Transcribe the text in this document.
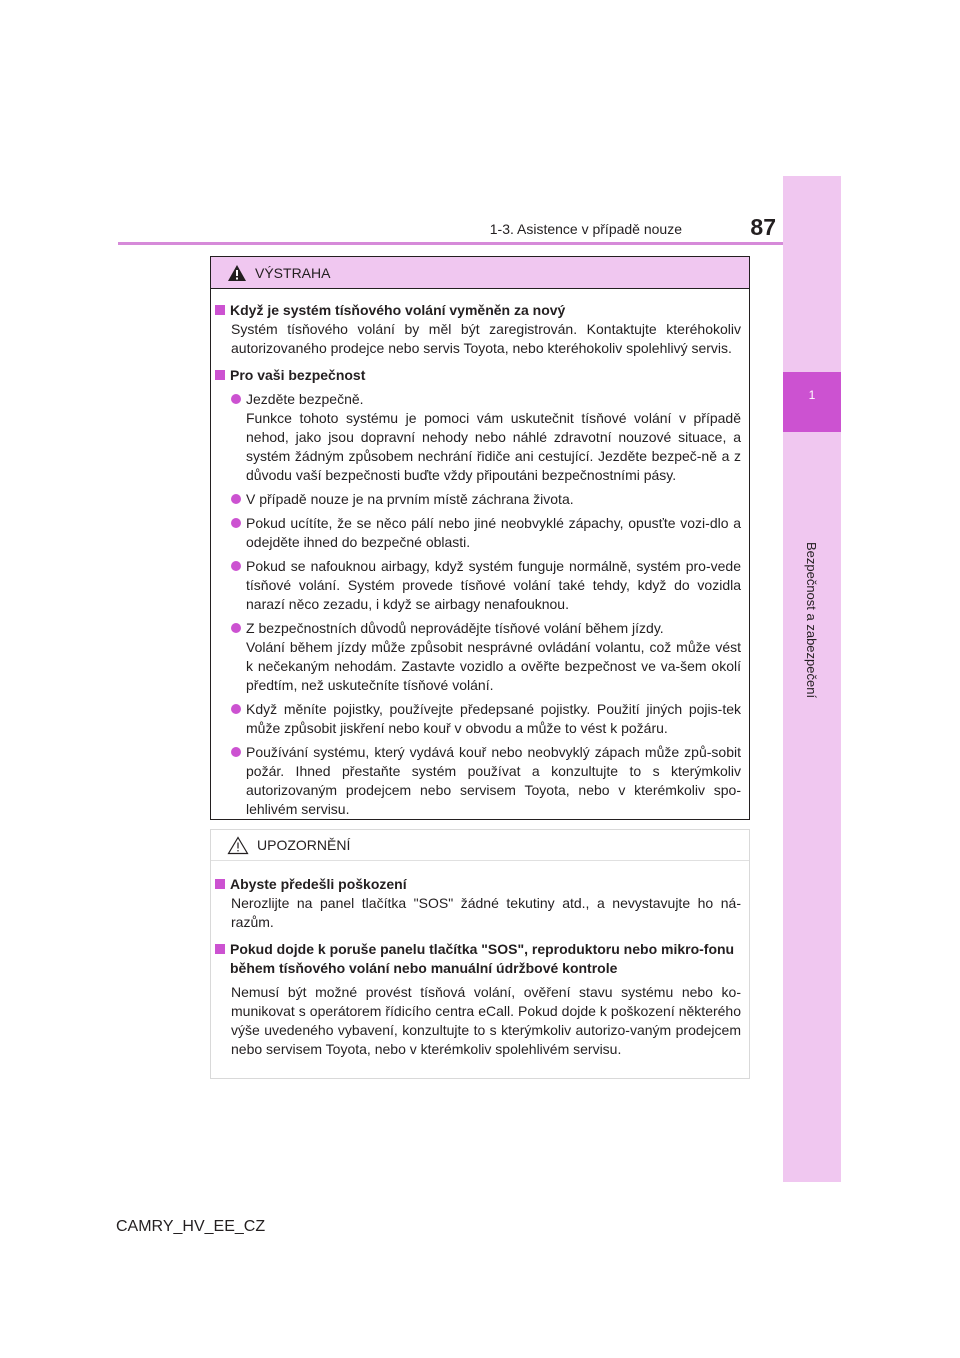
1
Bezpečnost a zabezpečení
1-3. Asistence v případě nouze	87
VÝSTRAHA
Když je systém tísňového volání vyměněn za nový
Systém tísňového volání by měl být zaregistrován. Kontaktujte kteréhokoliv autorizovaného prodejce nebo servis Toyota, nebo kteréhokoliv spolehlivý servis.
Pro vaši bezpečnost
Jezděte bezpečně.
Funkce tohoto systému je pomoci vám uskutečnit tísňové volání v případě nehod, jako jsou dopravní nehody nebo náhlé zdravotní nouzové situace, a systém žádným způsobem nechrání řidiče ani cestující. Jezděte bezpeč-ně a z důvodu vaší bezpečnosti buďte vždy připoutáni bezpečnostními pásy.
V případě nouze je na prvním místě záchrana života.
Pokud ucítíte, že se něco pálí nebo jiné neobvyklé zápachy, opusťte vozi-dlo a odejděte ihned do bezpečné oblasti.
Pokud se nafouknou airbagy, když systém funguje normálně, systém pro-vede tísňové volání. Systém provede tísňové volání také tehdy, když do vozidla narazí něco zezadu, i když se airbagy nenafouknou.
Z bezpečnostních důvodů neprovádějte tísňové volání během jízdy.
Volání během jízdy může způsobit nesprávné ovládání volantu, což může vést k nečekaným nehodám. Zastavte vozidlo a ověřte bezpečnost ve va-šem okolí předtím, než uskutečníte tísňové volání.
Když měníte pojistky, používejte předepsané pojistky. Použití jiných pojis-tek může způsobit jiskření nebo kouř v obvodu a může to vést k požáru.
Používání systému, který vydává kouř nebo neobvyklý zápach může způ-sobit požár. Ihned přestaňte systém používat a konzultujte to s kterýmkoliv autorizovaným prodejcem nebo servisem Toyota, nebo v kterémkoliv spo-lehlivém servisu.
UPOZORNĚNÍ
Abyste předešli poškození
Nerozlijte na panel tlačítka "SOS" žádné tekutiny atd., a nevystavujte ho ná-razům.
Pokud dojde k poruše panelu tlačítka "SOS", reproduktoru nebo mikro-fonu během tísňového volání nebo manuální údržbové kontrole
Nemusí být možné provést tísňová volání, ověření stavu systému nebo ko-munikovat s operátorem řídicího centra eCall. Pokud dojde k poškození některého výše uvedeného vybavení, konzultujte to s kterýmkoliv autorizo-vaným prodejcem nebo servisem Toyota, nebo v kterémkoliv spolehlivém servisu.
CAMRY_HV_EE_CZ
